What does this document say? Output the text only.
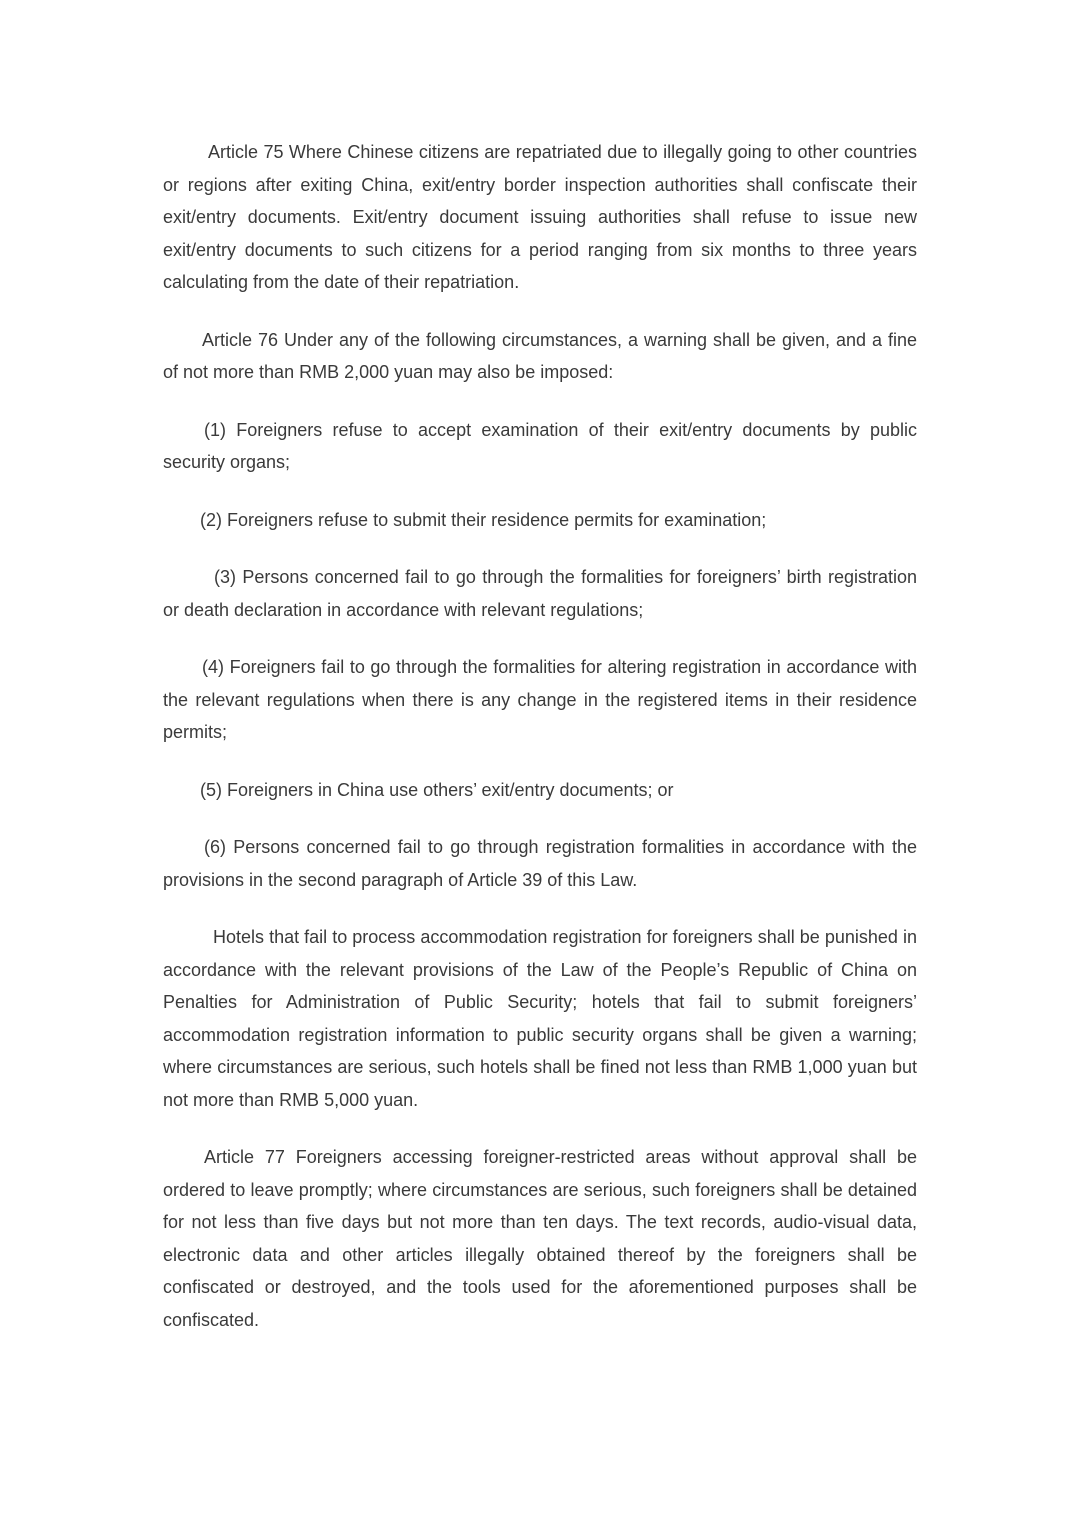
Article 75 Where Chinese citizens are repatriated due to illegally going to other countries or regions after exiting China, exit/entry border inspection authorities shall confiscate their exit/entry documents. Exit/entry document issuing authorities shall refuse to issue new exit/entry documents to such citizens for a period ranging from six months to three years calculating from the date of their repatriation.

Article 76 Under any of the following circumstances, a warning shall be given, and a fine of not more than RMB 2,000 yuan may also be imposed:

(1) Foreigners refuse to accept examination of their exit/entry documents by public security organs;

(2) Foreigners refuse to submit their residence permits for examination;

(3) Persons concerned fail to go through the formalities for foreigners’ birth registration or death declaration in accordance with relevant regulations;

(4) Foreigners fail to go through the formalities for altering registration in accordance with the relevant regulations when there is any change in the registered items in their residence permits;

(5) Foreigners in China use others’ exit/entry documents; or

(6) Persons concerned fail to go through registration formalities in accordance with the provisions in the second paragraph of Article 39 of this Law.

Hotels that fail to process accommodation registration for foreigners shall be punished in accordance with the relevant provisions of the Law of the People’s Republic of China on Penalties for Administration of Public Security; hotels that fail to submit foreigners’ accommodation registration information to public security organs shall be given a warning; where circumstances are serious, such hotels shall be fined not less than RMB 1,000 yuan but not more than RMB 5,000 yuan.

Article 77 Foreigners accessing foreigner-restricted areas without approval shall be ordered to leave promptly; where circumstances are serious, such foreigners shall be detained for not less than five days but not more than ten days. The text records, audio-visual data, electronic data and other articles illegally obtained thereof by the foreigners shall be confiscated or destroyed, and the tools used for the aforementioned purposes shall be confiscated.
